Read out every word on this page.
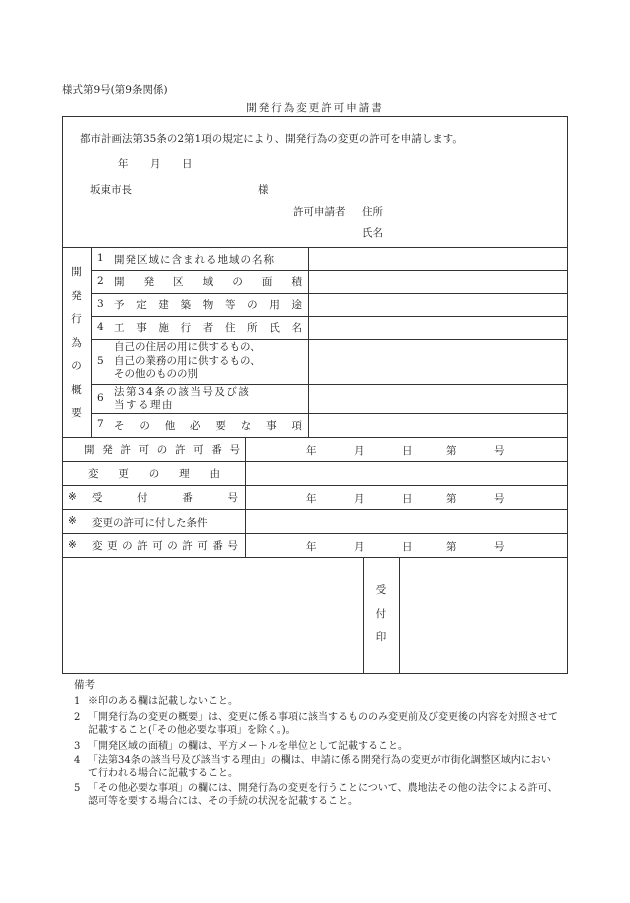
様式第9号(第9条関係)
開発行為変更許可申請書
都市計画法第35条の2第1項の規定により、開発行為の変更の許可を申請します。
年 月 日
坂東市長	様
許可申請者 住所
氏名
開
発
行
為
の
概
要
1 開発区域に含まれる地域の名称
2 開 発 区 域 の 面 積
3 予 定 建 築 物 等 の 用 途
4 工 事 施 行 者 住 所 氏 名
5
自己の住居の用に供するもの、
自己の業務の用に供するもの、
その他のものの別
6 法第34条の該当号及び該
当する理由
7 そ の 他 必 要 な 事 項
開 発 許 可 の 許 可 番 号	年	月	日	第	号
変 更 の 理 由
※ 受	付	番	号	年	月	日	第	号
※ 変更の許可に付した条件
※ 変 更 の 許 可 の 許 可 番 号	年	月	日	第	号
受
付
印
備考
1 ※印のある欄は記載しないこと。
2 「開発行為の変更の概要」は、変更に係る事項に該当するもののみ変更前及び変更後の内容を対照させて記載すること(「その他必要な事項」を除く。)。
3 「開発区域の面積」の欄は、平方メートルを単位として記載すること。
4 「法第34条の該当号及び該当する理由」の欄は、申請に係る開発行為の変更が市街化調整区域内において行われる場合に記載すること。
5 「その他必要な事項」の欄には、開発行為の変更を行うことについて、農地法その他の法令による許可、認可等を要する場合には、その手続の状況を記載すること。
